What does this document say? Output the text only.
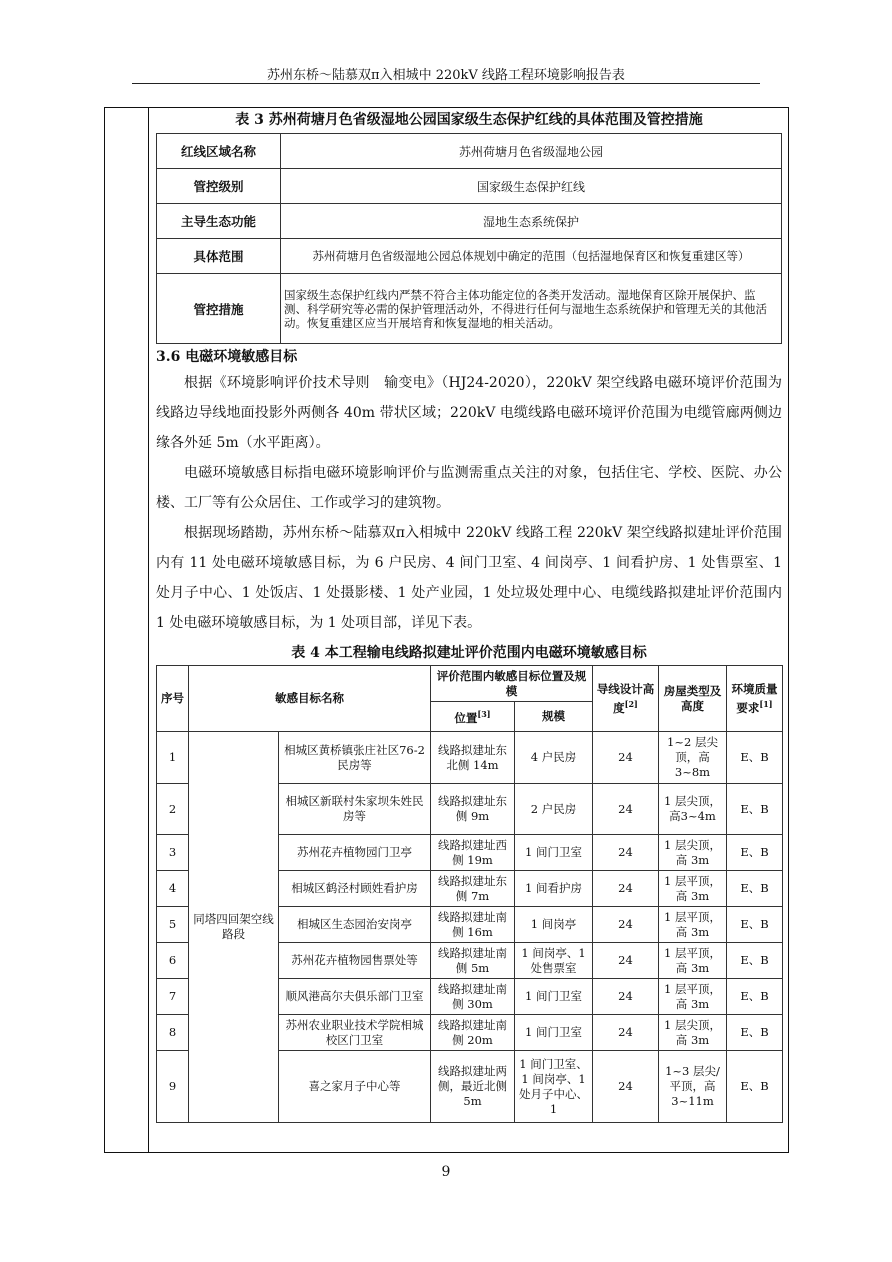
苏州东桥～陆慕双π入相城中 220kV 线路工程环境影响报告表
表 3 苏州荷塘月色省级湿地公园国家级生态保护红线的具体范围及管控措施
红线区域名称	苏州荷塘月色省级湿地公园
管控级别	国家级生态保护红线
主导生态功能	湿地生态系统保护
具体范围	苏州荷塘月色省级湿地公园总体规划中确定的范围（包括湿地保育区和恢复重建区等）
管控措施	国家级生态保护红线内严禁不符合主体功能定位的各类开发活动。湿地保育区除开展保护、监测、科学研究等必需的保护管理活动外，不得进行任何与湿地生态系统保护和管理无关的其他活动。恢复重建区应当开展培育和恢复湿地的相关活动。
3.6 电磁环境敏感目标

根据《环境影响评价技术导则　输变电》（HJ24-2020），220kV 架空线路电磁环境评价范围为线路边导线地面投影外两侧各 40m 带状区域；220kV 电缆线路电磁环境评价范围为电缆管廊两侧边缘各外延 5m（水平距离）。

电磁环境敏感目标指电磁环境影响评价与监测需重点关注的对象，包括住宅、学校、医院、办公楼、工厂等有公众居住、工作或学习的建筑物。

根据现场踏勘，苏州东桥～陆慕双π入相城中 220kV 线路工程 220kV 架空线路拟建址评价范围内有 11 处电磁环境敏感目标，为 6 户民房、4 间门卫室、4 间岗亭、1 间看护房、1 处售票室、1 处月子中心、1 处饭店、1 处摄影楼、1 处产业园，1 处垃圾处理中心、电缆线路拟建址评价范围内 1 处电磁环境敏感目标，为 1 处项目部，详见下表。

表 4 本工程输电线路拟建址评价范围内电磁环境敏感目标
序号	敏感目标名称		评价范围内敏感目标位置及规模		导线设计高度[2]	房屋类型及高度	环境质量要求[1]
			位置[3]	规模			
1	同塔四回架空线路段	相城区黄桥镇张庄社区76-2 民房等	线路拟建址东北侧 14m	4 户民房	24	1~2 层尖顶，高3~8m	E、B
2		相城区新联村朱家坝朱姓民房等	线路拟建址东侧 9m	2 户民房	24	1 层尖顶，高3~4m	E、B
3		苏州花卉植物园门卫亭	线路拟建址西侧 19m	1 间门卫室	24	1 层尖顶，高 3m	E、B
4		相城区鹤泾村顾姓看护房	线路拟建址东侧 7m	1 间看护房	24	1 层平顶，高 3m	E、B
5		相城区生态园治安岗亭	线路拟建址南侧 16m	1 间岗亭	24	1 层平顶，高 3m	E、B
6		苏州花卉植物园售票处等	线路拟建址南侧 5m	1 间岗亭、1处售票室	24	1 层平顶，高 3m	E、B
7		顺风港高尔夫俱乐部门卫室	线路拟建址南侧 30m	1 间门卫室	24	1 层平顶，高 3m	E、B
8		苏州农业职业技术学院相城校区门卫室	线路拟建址南侧 20m	1 间门卫室	24	1 层尖顶，高 3m	E、B
9		喜之家月子中心等	线路拟建址两侧，最近北侧 5m	1 间门卫室、1 间岗亭、1 处月子中心、1	24	1~3 层尖/平顶，高3~11m	E、B
9
